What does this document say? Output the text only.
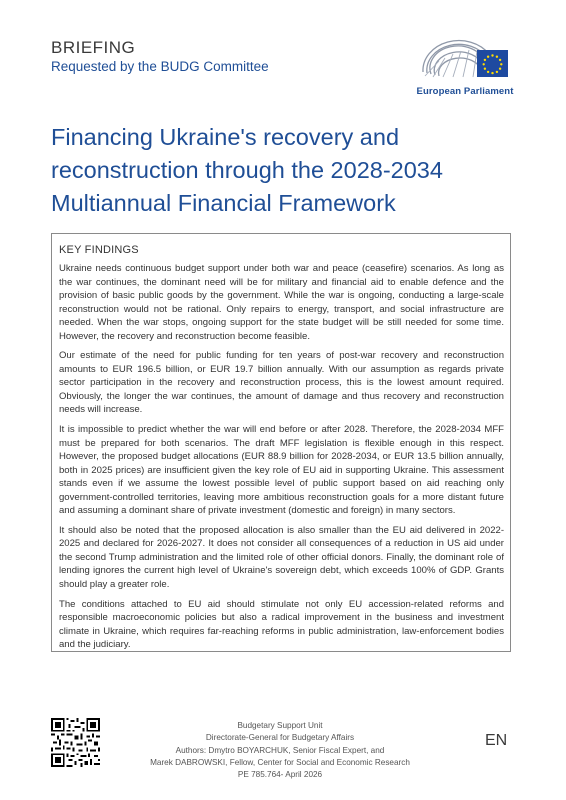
BRIEFING
Requested by the BUDG Committee
European Parliament
Financing Ukraine's recovery and reconstruction through the 2028-2034 Multiannual Financial Framework
KEY FINDINGS

Ukraine needs continuous budget support under both war and peace (ceasefire) scenarios. As long as the war continues, the dominant need will be for military and financial aid to enable defence and the provision of basic public goods by the government. While the war is ongoing, conducting a large-scale reconstruction would not be rational. Only repairs to energy, transport, and social infrastructure are needed. When the war stops, ongoing support for the state budget will be still needed for some time. However, the recovery and reconstruction become feasible.

Our estimate of the need for public funding for ten years of post-war recovery and reconstruction amounts to EUR 196.5 billion, or EUR 19.7 billion annually. With our assumption as regards private sector participation in the recovery and reconstruction process, this is the lowest amount required. Obviously, the longer the war continues, the amount of damage and thus recovery and reconstruction needs will increase.

It is impossible to predict whether the war will end before or after 2028. Therefore, the 2028-2034 MFF must be prepared for both scenarios. The draft MFF legislation is flexible enough in this respect. However, the proposed budget allocations (EUR 88.9 billion for 2028-2034, or EUR 13.5 billion annually, both in 2025 prices) are insufficient given the key role of EU aid in supporting Ukraine. This assessment stands even if we assume the lowest possible level of public support based on aid reaching only government-controlled territories, leaving more ambitious reconstruction goals for a more distant future and assuming a dominant share of private investment (domestic and foreign) in many sectors.

It should also be noted that the proposed allocation is also smaller than the EU aid delivered in 2022-2025 and declared for 2026-2027. It does not consider all consequences of a reduction in US aid under the second Trump administration and the limited role of other official donors. Finally, the dominant role of lending ignores the current high level of Ukraine's sovereign debt, which exceeds 100% of GDP. Grants should play a greater role.

The conditions attached to EU aid should stimulate not only EU accession-related reforms and responsible macroeconomic policies but also a radical improvement in the business and investment climate in Ukraine, which requires far-reaching reforms in public administration, law-enforcement bodies and the judiciary.

Budgetary Support Unit
Directorate-General for Budgetary Affairs
Authors: Dmytro BOYARCHUK, Senior Fiscal Expert, and
Marek DABROWSKI, Fellow, Center for Social and Economic Research
PE 785.764- April 2026
EN
